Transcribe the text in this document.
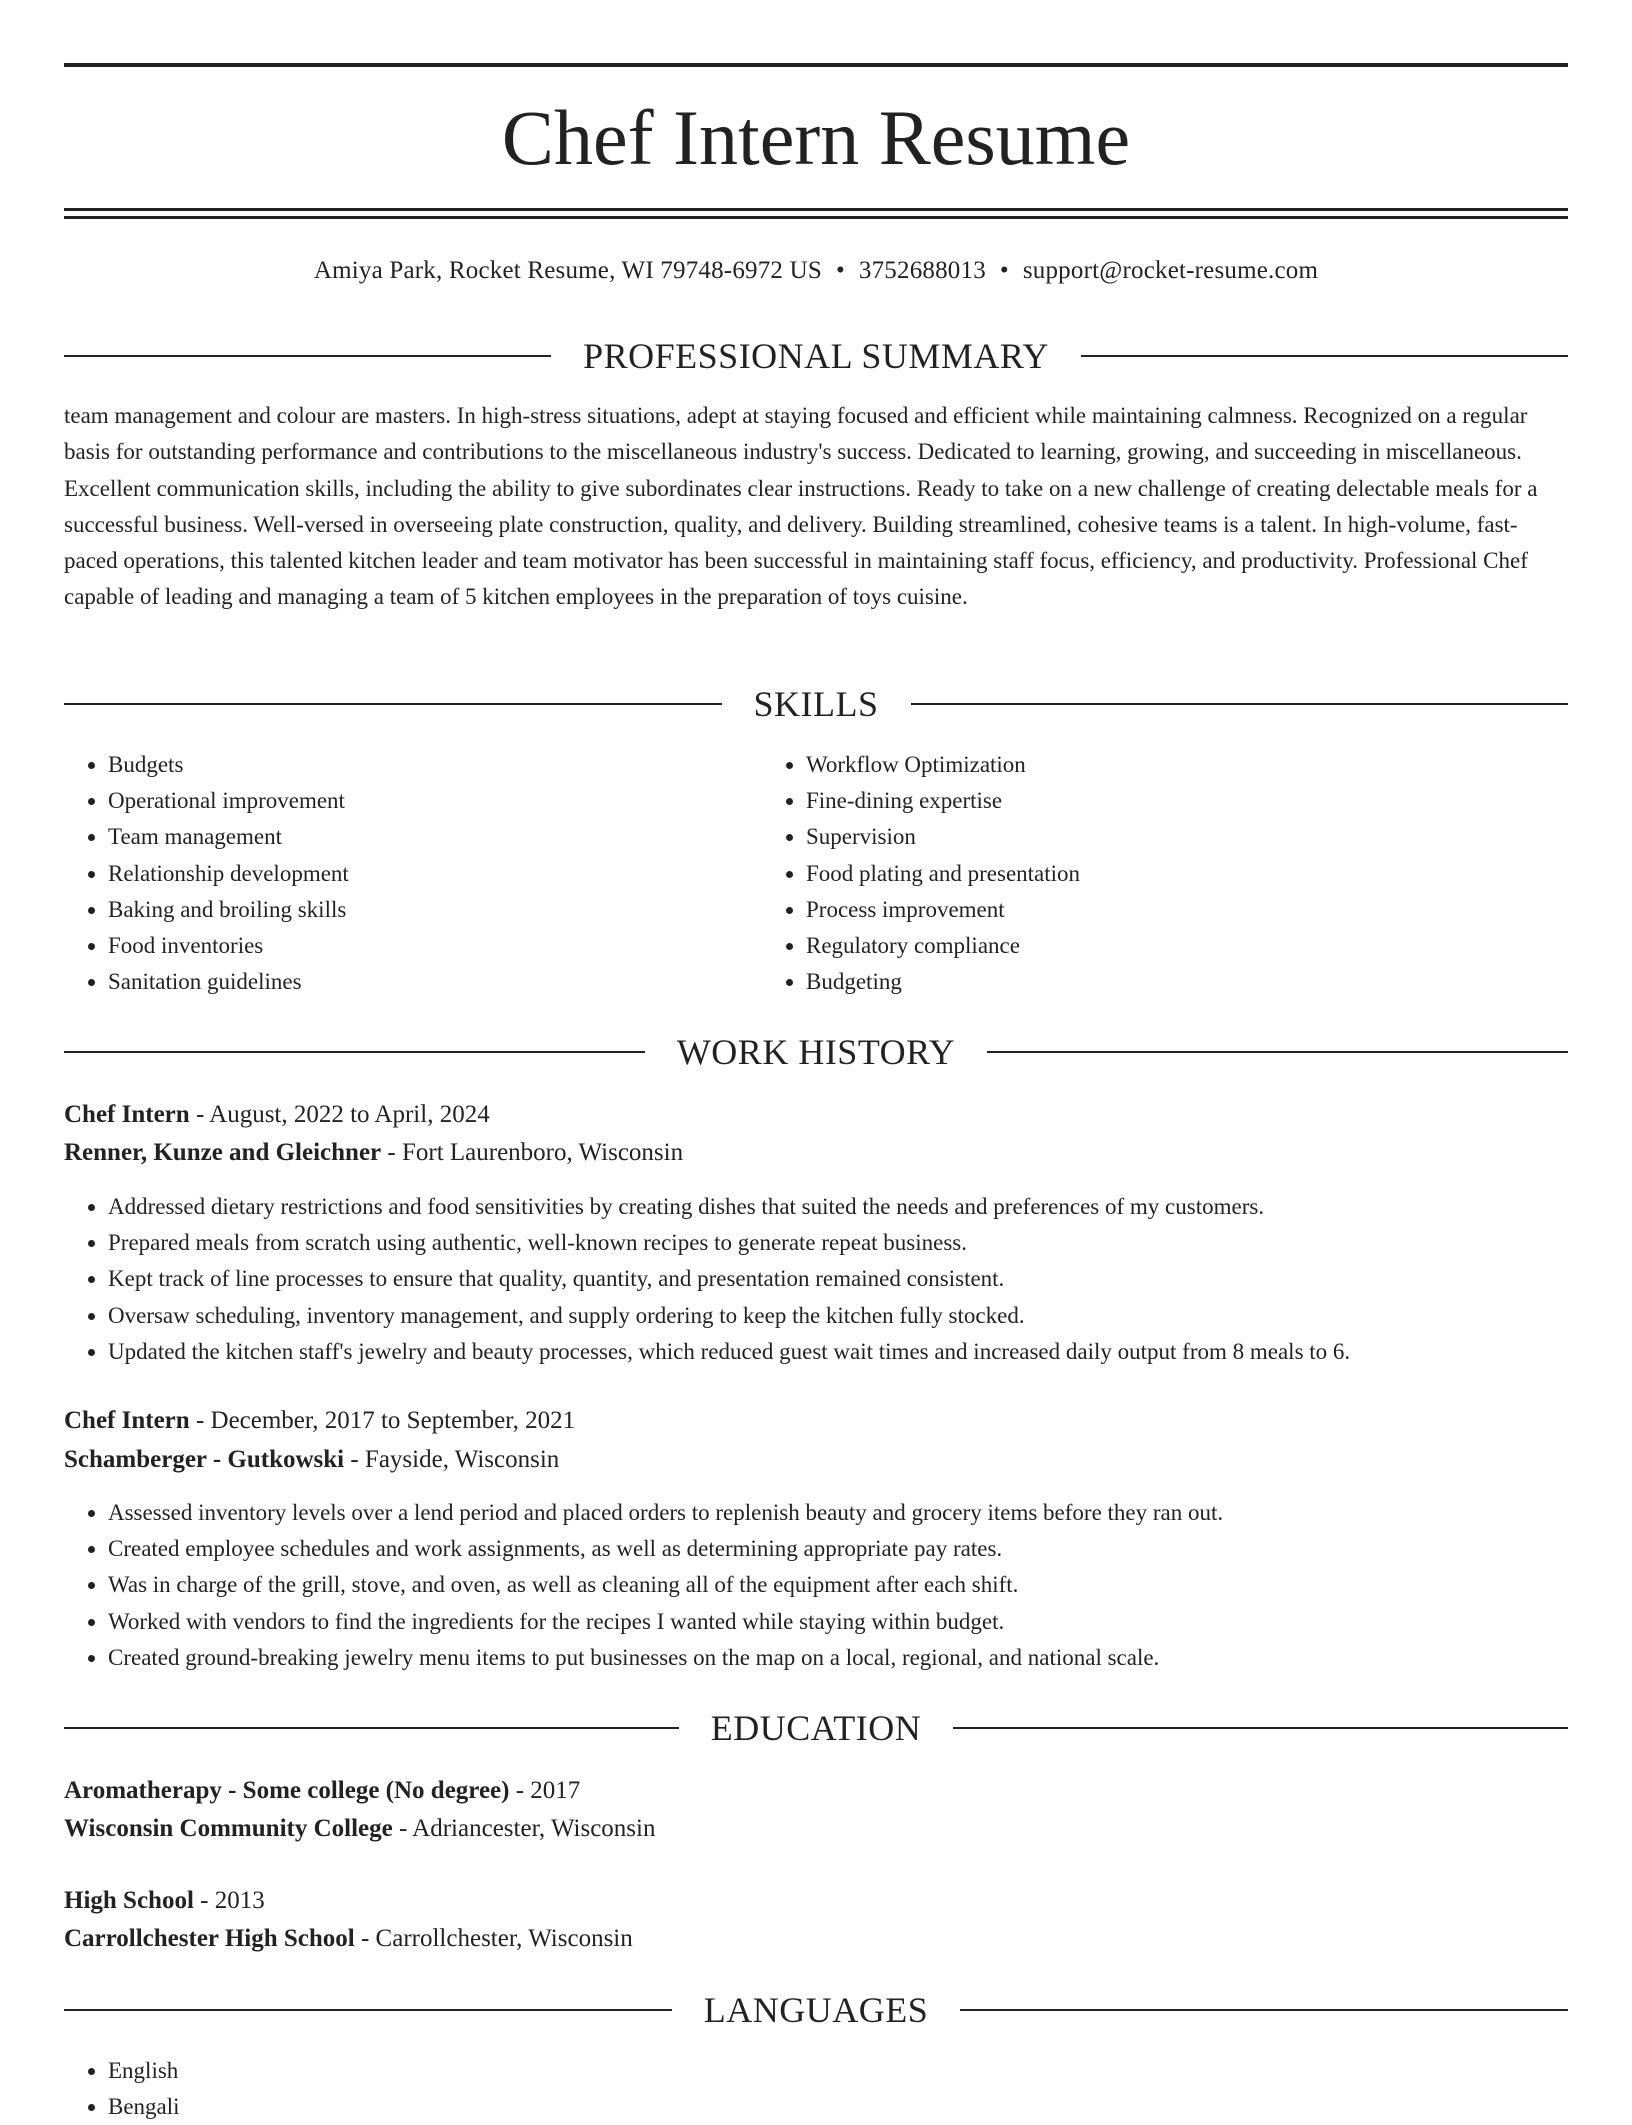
Chef Intern Resume
Amiya Park, Rocket Resume, WI 79748-6972 US • 3752688013 • support@rocket-resume.com
PROFESSIONAL SUMMARY

team management and colour are masters. In high-stress situations, adept at staying focused and efficient while maintaining calmness. Recognized on a regular basis for outstanding performance and contributions to the miscellaneous industry's success. Dedicated to learning, growing, and succeeding in miscellaneous. Excellent communication skills, including the ability to give subordinates clear instructions. Ready to take on a new challenge of creating delectable meals for a successful business. Well-versed in overseeing plate construction, quality, and delivery. Building streamlined, cohesive teams is a talent. In high-volume, fast-paced operations, this talented kitchen leader and team motivator has been successful in maintaining staff focus, efficiency, and productivity. Professional Chef capable of leading and managing a team of 5 kitchen employees in the preparation of toys cuisine.

SKILLS
• Budgets
• Operational improvement
• Team management
• Relationship development
• Baking and broiling skills
• Food inventories
• Sanitation guidelines
• Workflow Optimization
• Fine-dining expertise
• Supervision
• Food plating and presentation
• Process improvement
• Regulatory compliance
• Budgeting
WORK HISTORY

Chef Intern - August, 2022 to April, 2024

Renner, Kunze and Gleichner - Fort Laurenboro, Wisconsin

• Addressed dietary restrictions and food sensitivities by creating dishes that suited the needs and preferences of my customers.
• Prepared meals from scratch using authentic, well-known recipes to generate repeat business.
• Kept track of line processes to ensure that quality, quantity, and presentation remained consistent.
• Oversaw scheduling, inventory management, and supply ordering to keep the kitchen fully stocked.
• Updated the kitchen staff's jewelry and beauty processes, which reduced guest wait times and increased daily output from 8 meals to 6.

Chef Intern - December, 2017 to September, 2021

Schamberger - Gutkowski - Fayside, Wisconsin

• Assessed inventory levels over a lend period and placed orders to replenish beauty and grocery items before they ran out.
• Created employee schedules and work assignments, as well as determining appropriate pay rates.
• Was in charge of the grill, stove, and oven, as well as cleaning all of the equipment after each shift.
• Worked with vendors to find the ingredients for the recipes I wanted while staying within budget.
• Created ground-breaking jewelry menu items to put businesses on the map on a local, regional, and national scale.
EDUCATION

Aromatherapy - Some college (No degree) - 2017

Wisconsin Community College - Adriancester, Wisconsin

High School - 2013

Carrollchester High School - Carrollchester, Wisconsin

LANGUAGES
• English
• Bengali
